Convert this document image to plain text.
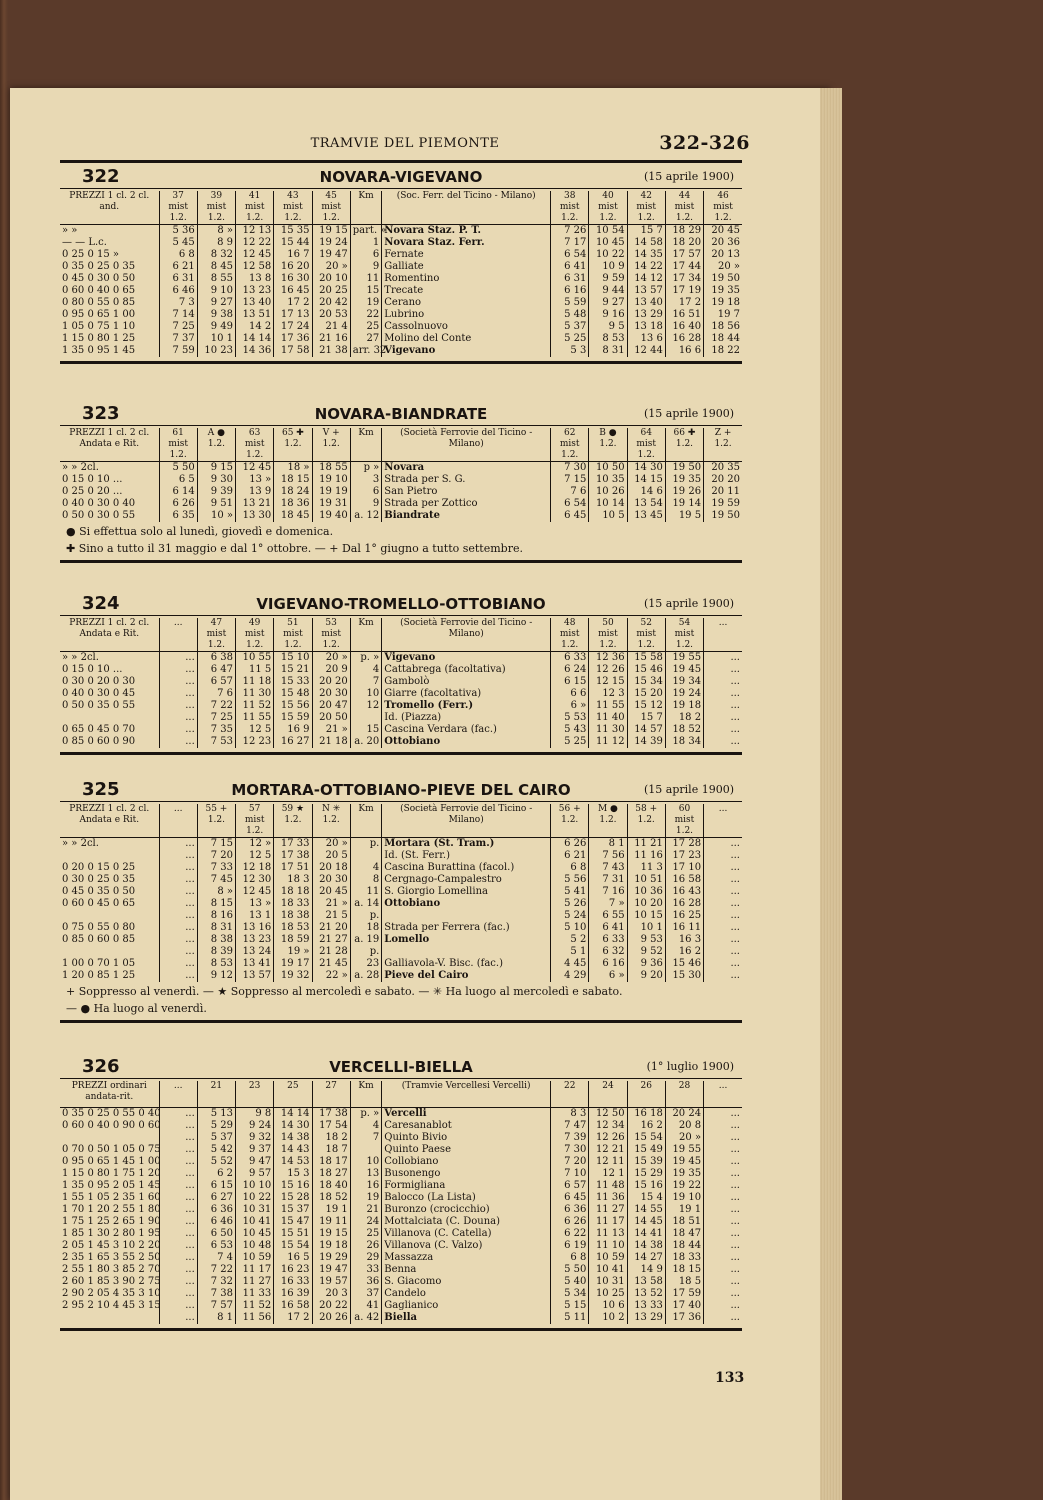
TRAMVIE DEL PIEMONTE	322-326
322	NOVARA-VIGEVANO	(15 aprile 1900)
PREZZI 1 cl. 2 cl. and.	37 mist 1.2.	39 mist 1.2.	41 mist 1.2.	43 mist 1.2.	45 mist 1.2.	Km	(Soc. Ferr. del Ticino - Milano)	38 mist 1.2.	40 mist 1.2.	42 mist 1.2.	44 mist 1.2.	46 mist 1.2.
» »	5 36	8 »	12 13	15 35	19 15	part. »	Novara Staz. P. T.	7 26	10 54	15 7	18 29	20 45
— — L.c.	5 45	8 9	12 22	15 44	19 24	1	Novara Staz. Ferr.	7 17	10 45	14 58	18 20	20 36
0 25 0 15 »	6 8	8 32	12 45	16 7	19 47	6	Fernate	6 54	10 22	14 35	17 57	20 13
0 35 0 25 0 35	6 21	8 45	12 58	16 20	20 »	9	Galliate	6 41	10 9	14 22	17 44	20 »
0 45 0 30 0 50	6 31	8 55	13 8	16 30	20 10	11	Romentino	6 31	9 59	14 12	17 34	19 50
0 60 0 40 0 65	6 46	9 10	13 23	16 45	20 25	15	Trecate	6 16	9 44	13 57	17 19	19 35
0 80 0 55 0 85	7 3	9 27	13 40	17 2	20 42	19	Cerano	5 59	9 27	13 40	17 2	19 18
0 95 0 65 1 00	7 14	9 38	13 51	17 13	20 53	22	Lubrino	5 48	9 16	13 29	16 51	19 7
1 05 0 75 1 10	7 25	9 49	14 2	17 24	21 4	25	Cassolnuovo	5 37	9 5	13 18	16 40	18 56
1 15 0 80 1 25	7 37	10 1	14 14	17 36	21 16	27	Molino del Conte	5 25	8 53	13 6	16 28	18 44
1 35 0 95 1 45	7 59	10 23	14 36	17 58	21 38	arr. 32	Vigevano	5 3	8 31	12 44	16 6	18 22
323	NOVARA-BIANDRATE	(15 aprile 1900)
PREZZI 1 cl. 2 cl. Andata e Rit.	61 mist 1.2.	A ● 1.2.	63 mist 1.2.	65 ✚ 1.2.	V + 1.2.	Km	(Società Ferrovie del Ticino - Milano)	62 mist 1.2.	B ● 1.2.	64 mist 1.2.	66 ✚ 1.2.	Z + 1.2.
» » 2cl.	5 50	9 15	12 45	18 »	18 55	p »	Novara	7 30	10 50	14 30	19 50	20 35
0 15 0 10 ...	6 5	9 30	13 »	18 15	19 10	3	Strada per S. G.	7 15	10 35	14 15	19 35	20 20
0 25 0 20 ...	6 14	9 39	13 9	18 24	19 19	6	San Pietro	7 6	10 26	14 6	19 26	20 11
0 40 0 30 0 40	6 26	9 51	13 21	18 36	19 31	9	Strada per Zottico	6 54	10 14	13 54	19 14	19 59
0 50 0 30 0 55	6 35	10 »	13 30	18 45	19 40	a. 12	Biandrate	6 45	10 5	13 45	19 5	19 50
● Si effettua solo al lunedì, giovedì e domenica.
✚ Sino a tutto il 31 maggio e dal 1° ottobre. — + Dal 1° giugno a tutto settembre.
324	VIGEVANO-TROMELLO-OTTOBIANO	(15 aprile 1900)
PREZZI 1 cl. 2 cl. Andata e Rit.	...	47 mist 1.2.	49 mist 1.2.	51 mist 1.2.	53 mist 1.2.	Km	(Società Ferrovie del Ticino - Milano)	48 mist 1.2.	50 mist 1.2.	52 mist 1.2.	54 mist 1.2.	...
» » 2cl.	...	6 38	10 55	15 10	20 »	p. »	Vigevano	6 33	12 36	15 58	19 55	...
0 15 0 10 ...	...	6 47	11 5	15 21	20 9	4	Cattabrega (facoltativa)	6 24	12 26	15 46	19 45	...
0 30 0 20 0 30	...	6 57	11 18	15 33	20 20	7	Gambolò	6 15	12 15	15 34	19 34	...
0 40 0 30 0 45	...	7 6	11 30	15 48	20 30	10	Giarre (facoltativa)	6 6	12 3	15 20	19 24	...
0 50 0 35 0 55	...	7 22	11 52	15 56	20 47	12	Tromello (Ferr.)	6 »	11 55	15 12	19 18	...
	...	7 25	11 55	15 59	20 50		Id. (Piazza)	5 53	11 40	15 7	18 2	...
0 65 0 45 0 70	...	7 35	12 5	16 9	21 »	15	Cascina Verdara (fac.)	5 43	11 30	14 57	18 52	...
0 85 0 60 0 90	...	7 53	12 23	16 27	21 18	a. 20	Ottobiano	5 25	11 12	14 39	18 34	...
325	MORTARA-OTTOBIANO-PIEVE DEL CAIRO	(15 aprile 1900)
PREZZI 1 cl. 2 cl. Andata e Rit.	...	55 + 1.2.	57 mist 1.2.	59 ★ 1.2.	N ✳ 1.2.	Km	(Società Ferrovie del Ticino - Milano)	56 + 1.2.	M ● 1.2.	58 + 1.2.	60 mist 1.2.	...
» » 2cl.	...	7 15	12 »	17 33	20 »	p.	Mortara (St. Tram.)	6 26	8 1	11 21	17 28	...
	...	7 20	12 5	17 38	20 5		Id. (St. Ferr.)	6 21	7 56	11 16	17 23	...
0 20 0 15 0 25	...	7 33	12 18	17 51	20 18	4	Cascina Burattina (facol.)	6 8	7 43	11 3	17 10	...
0 30 0 25 0 35	...	7 45	12 30	18 3	20 30	8	Cergnago-Campalestro	5 56	7 31	10 51	16 58	...
0 45 0 35 0 50	...	8 »	12 45	18 18	20 45	11	S. Giorgio Lomellina	5 41	7 16	10 36	16 43	...
0 60 0 45 0 65	...	8 15	13 »	18 33	21 »	a. 14	Ottobiano	5 26	7 »	10 20	16 28	...
	...	8 16	13 1	18 38	21 5	p.		5 24	6 55	10 15	16 25	...
0 75 0 55 0 80	...	8 31	13 16	18 53	21 20	18	Strada per Ferrera (fac.)	5 10	6 41	10 1	16 11	...
0 85 0 60 0 85	...	8 38	13 23	18 59	21 27	a. 19	Lomello	5 2	6 33	9 53	16 3	...
	...	8 39	13 24	19 »	21 28	p.		5 1	6 32	9 52	16 2	...
1 00 0 70 1 05	...	8 53	13 41	19 17	21 45	23	Galliavola-V. Bisc. (fac.)	4 45	6 16	9 36	15 46	...
1 20 0 85 1 25	...	9 12	13 57	19 32	22 »	a. 28	Pieve del Cairo	4 29	6 »	9 20	15 30	...
+ Soppresso al venerdì. — ★ Soppresso al mercoledì e sabato. — ✳ Ha luogo al mercoledì e sabato.
— ● Ha luogo al venerdì.
326	VERCELLI-BIELLA	(1° luglio 1900)
PREZZI ordinari andata-rit.	...	21	23	25	27	Km	(Tramvie Vercellesi Vercelli)	22	24	26	28	...
0 35 0 25 0 55 0 40	...	5 13	9 8	14 14	17 38	p. »	Vercelli	8 3	12 50	16 18	20 24	...
0 60 0 40 0 90 0 60	...	5 29	9 24	14 30	17 54	4	Caresanablot	7 47	12 34	16 2	20 8	...
	...	5 37	9 32	14 38	18 2	7	Quinto Bivio	7 39	12 26	15 54	20 »	...
0 70 0 50 1 05 0 75	...	5 42	9 37	14 43	18 7		Quinto Paese	7 30	12 21	15 49	19 55	...
0 95 0 65 1 45 1 00	...	5 52	9 47	14 53	18 17	10	Collobiano	7 20	12 11	15 39	19 45	...
1 15 0 80 1 75 1 20	...	6 2	9 57	15 3	18 27	13	Busonengo	7 10	12 1	15 29	19 35	...
1 35 0 95 2 05 1 45	...	6 15	10 10	15 16	18 40	16	Formigliana	6 57	11 48	15 16	19 22	...
1 55 1 05 2 35 1 60	...	6 27	10 22	15 28	18 52	19	Balocco (La Lista)	6 45	11 36	15 4	19 10	...
1 70 1 20 2 55 1 80	...	6 36	10 31	15 37	19 1	21	Buronzo (crocicchio)	6 36	11 27	14 55	19 1	...
1 75 1 25 2 65 1 90	...	6 46	10 41	15 47	19 11	24	Mottalciata (C. Douna)	6 26	11 17	14 45	18 51	...
1 85 1 30 2 80 1 95	...	6 50	10 45	15 51	19 15	25	Villanova (C. Catella)	6 22	11 13	14 41	18 47	...
2 05 1 45 3 10 2 20	...	6 53	10 48	15 54	19 18	26	Villanova (C. Valzo)	6 19	11 10	14 38	18 44	...
2 35 1 65 3 55 2 50	...	7 4	10 59	16 5	19 29	29	Massazza	6 8	10 59	14 27	18 33	...
2 55 1 80 3 85 2 70	...	7 22	11 17	16 23	19 47	33	Benna	5 50	10 41	14 9	18 15	...
2 60 1 85 3 90 2 75	...	7 32	11 27	16 33	19 57	36	S. Giacomo	5 40	10 31	13 58	18 5	...
2 90 2 05 4 35 3 10	...	7 38	11 33	16 39	20 3	37	Candelo	5 34	10 25	13 52	17 59	...
2 95 2 10 4 45 3 15	...	7 57	11 52	16 58	20 22	41	Gaglianico	5 15	10 6	13 33	17 40	...
	...	8 1	11 56	17 2	20 26	a. 42	Biella	5 11	10 2	13 29	17 36	...
133
